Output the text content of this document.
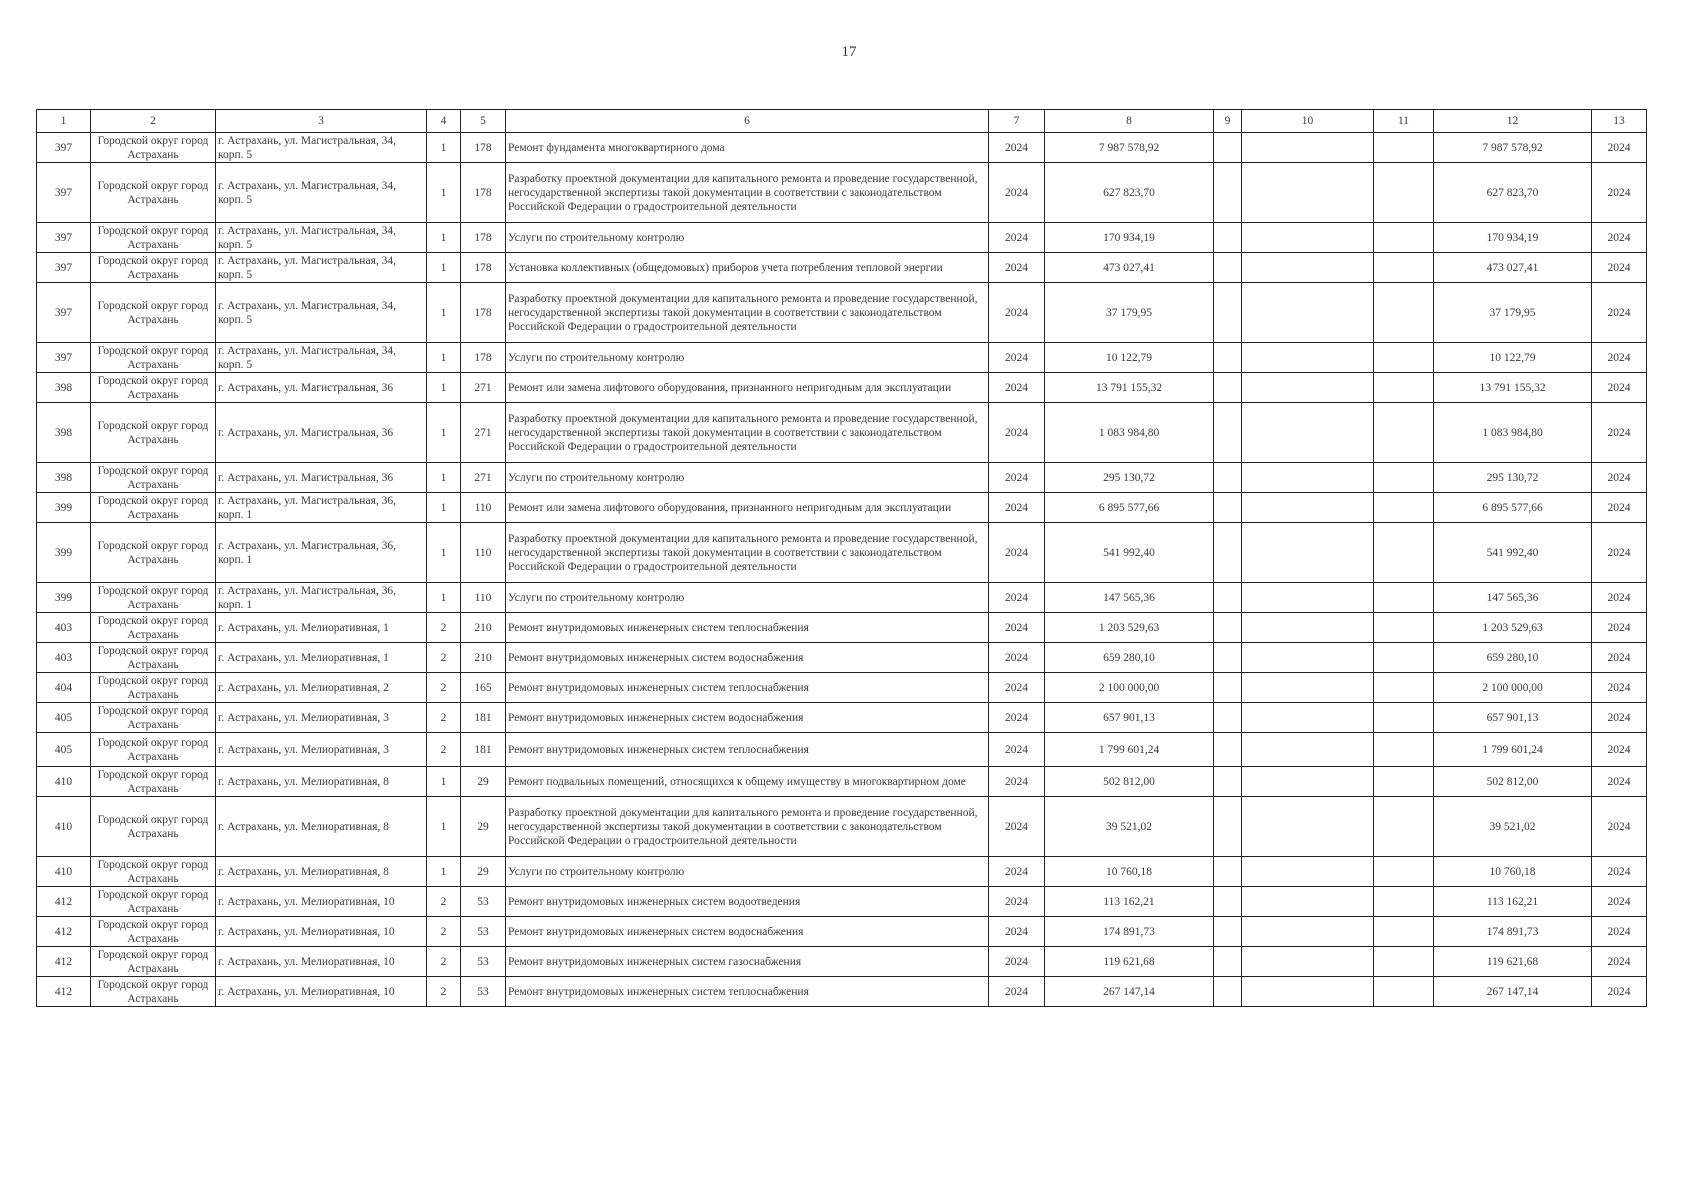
17
1	2	3	4	5	6	7	8	9	10	11	12	13
397	Городской округ город Астрахань	г. Астрахань, ул. Магистральная, 34, корп. 5	1	178	Ремонт фундамента многоквартирного дома	2024	7 987 578,92				7 987 578,92	2024
397	Городской округ город Астрахань	г. Астрахань, ул. Магистральная, 34, корп. 5	1	178	Разработку проектной документации для капитального ремонта и проведение государственной, негосударственной экспертизы такой документации в соответствии с законодательством Российской Федерации о градостроительной деятельности	2024	627 823,70				627 823,70	2024
397	Городской округ город Астрахань	г. Астрахань, ул. Магистральная, 34, корп. 5	1	178	Услуги по строительному контролю	2024	170 934,19				170 934,19	2024
397	Городской округ город Астрахань	г. Астрахань, ул. Магистральная, 34, корп. 5	1	178	Установка коллективных (общедомовых) приборов учета потребления тепловой энергии	2024	473 027,41				473 027,41	2024
397	Городской округ город Астрахань	г. Астрахань, ул. Магистральная, 34, корп. 5	1	178	Разработку проектной документации для капитального ремонта и проведение государственной, негосударственной экспертизы такой документации в соответствии с законодательством Российской Федерации о градостроительной деятельности	2024	37 179,95				37 179,95	2024
397	Городской округ город Астрахань	г. Астрахань, ул. Магистральная, 34, корп. 5	1	178	Услуги по строительному контролю	2024	10 122,79				10 122,79	2024
398	Городской округ город Астрахань	г. Астрахань, ул. Магистральная, 36	1	271	Ремонт или замена лифтового оборудования, признанного непригодным для эксплуатации	2024	13 791 155,32				13 791 155,32	2024
398	Городской округ город Астрахань	г. Астрахань, ул. Магистральная, 36	1	271	Разработку проектной документации для капитального ремонта и проведение государственной, негосударственной экспертизы такой документации в соответствии с законодательством Российской Федерации о градостроительной деятельности	2024	1 083 984,80				1 083 984,80	2024
398	Городской округ город Астрахань	г. Астрахань, ул. Магистральная, 36	1	271	Услуги по строительному контролю	2024	295 130,72				295 130,72	2024
399	Городской округ город Астрахань	г. Астрахань, ул. Магистральная, 36, корп. 1	1	110	Ремонт или замена лифтового оборудования, признанного непригодным для эксплуатации	2024	6 895 577,66				6 895 577,66	2024
399	Городской округ город Астрахань	г. Астрахань, ул. Магистральная, 36, корп. 1	1	110	Разработку проектной документации для капитального ремонта и проведение государственной, негосударственной экспертизы такой документации в соответствии с законодательством Российской Федерации о градостроительной деятельности	2024	541 992,40				541 992,40	2024
399	Городской округ город Астрахань	г. Астрахань, ул. Магистральная, 36, корп. 1	1	110	Услуги по строительному контролю	2024	147 565,36				147 565,36	2024
403	Городской округ город Астрахань	г. Астрахань, ул. Мелиоративная, 1	2	210	Ремонт внутридомовых инженерных систем теплоснабжения	2024	1 203 529,63				1 203 529,63	2024
403	Городской округ город Астрахань	г. Астрахань, ул. Мелиоративная, 1	2	210	Ремонт внутридомовых инженерных систем водоснабжения	2024	659 280,10				659 280,10	2024
404	Городской округ город Астрахань	г. Астрахань, ул. Мелиоративная, 2	2	165	Ремонт внутридомовых инженерных систем теплоснабжения	2024	2 100 000,00				2 100 000,00	2024
405	Городской округ город Астрахань	г. Астрахань, ул. Мелиоративная, 3	2	181	Ремонт внутридомовых инженерных систем водоснабжения	2024	657 901,13				657 901,13	2024
405	Городской округ город Астрахань	г. Астрахань, ул. Мелиоративная, 3	2	181	Ремонт внутридомовых инженерных систем теплоснабжения	2024	1 799 601,24				1 799 601,24	2024
410	Городской округ город Астрахань	г. Астрахань, ул. Мелиоративная, 8	1	29	Ремонт подвальных помещений, относящихся к общему имуществу в многоквартирном доме	2024	502 812,00				502 812,00	2024
410	Городской округ город Астрахань	г. Астрахань, ул. Мелиоративная, 8	1	29	Разработку проектной документации для капитального ремонта и проведение государственной, негосударственной экспертизы такой документации в соответствии с законодательством Российской Федерации о градостроительной деятельности	2024	39 521,02				39 521,02	2024
410	Городской округ город Астрахань	г. Астрахань, ул. Мелиоративная, 8	1	29	Услуги по строительному контролю	2024	10 760,18				10 760,18	2024
412	Городской округ город Астрахань	г. Астрахань, ул. Мелиоративная, 10	2	53	Ремонт внутридомовых инженерных систем водоотведения	2024	113 162,21				113 162,21	2024
412	Городской округ город Астрахань	г. Астрахань, ул. Мелиоративная, 10	2	53	Ремонт внутридомовых инженерных систем водоснабжения	2024	174 891,73				174 891,73	2024
412	Городской округ город Астрахань	г. Астрахань, ул. Мелиоративная, 10	2	53	Ремонт внутридомовых инженерных систем газоснабжения	2024	119 621,68				119 621,68	2024
412	Городской округ город Астрахань	г. Астрахань, ул. Мелиоративная, 10	2	53	Ремонт внутридомовых инженерных систем теплоснабжения	2024	267 147,14				267 147,14	2024
